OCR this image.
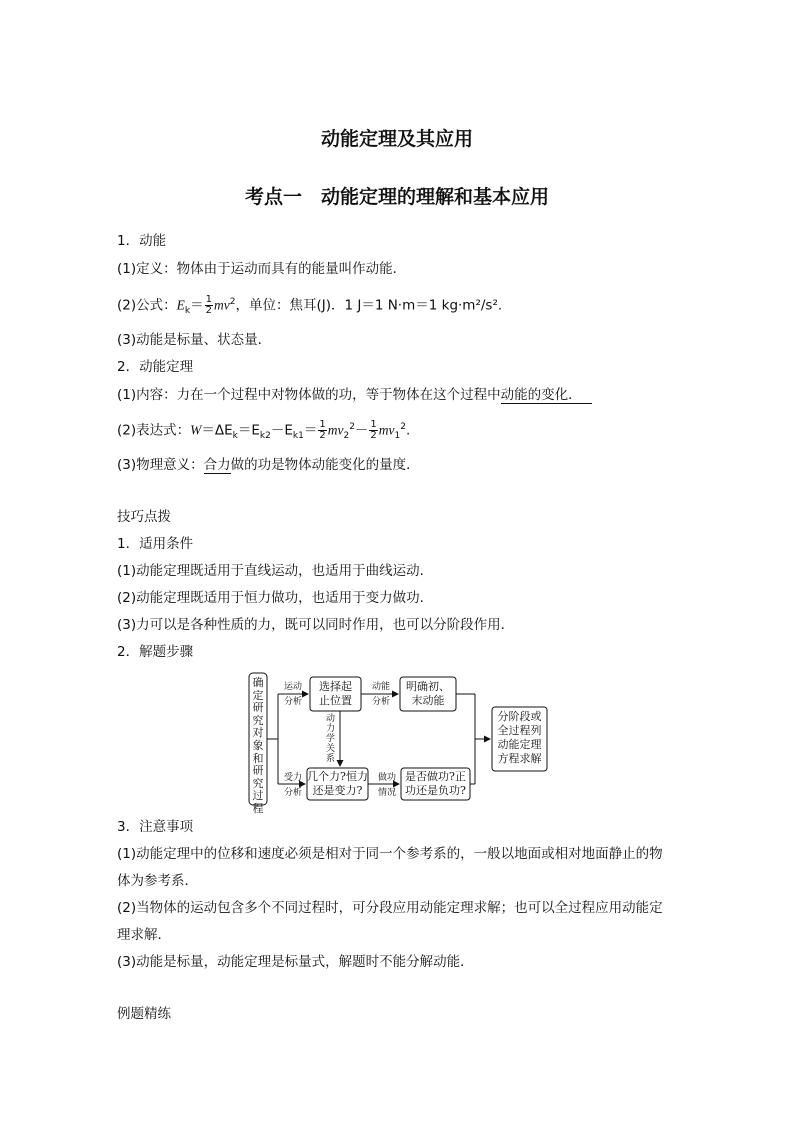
动能定理及其应用
考点一　动能定理的理解和基本应用
1．动能
(1)定义：物体由于运动而具有的能量叫作动能．
(2)公式：$E_k= \frac{1}{2} mv^2$，单位：焦耳(J)．1 J＝1 N·m＝1 kg·m²/s².
(3)动能是标量、状态量．
2．动能定理
(1)内容：力在一个过程中对物体做的功，等于物体在这个过程中动能的变化．
(2)表达式：$W=\Delta E_k=E_{k2}-E_{k1}= \frac{1}{2} mv_2^2- \frac{1}{2} mv_1^2$.
(3)物理意义：合力做的功是物体动能变化的量度．
技巧点拨
1．适用条件
(1)动能定理既适用于直线运动，也适用于曲线运动．
(2)动能定理既适用于恒力做功，也适用于变力做功．
(3)力可以是各种性质的力，既可以同时作用，也可以分阶段作用．
2．解题步骤
确定研究对象和研究过程
运动
分析
选择起
止位置
动能
分析
明确初、
末动能
动力学关系
受力
分析
几个力?恒力
还是变力?
做功
情况
是否做功?正
功还是负功?
分阶段或
全过程列
动能定理
方程求解
3．注意事项
(1)动能定理中的位移和速度必须是相对于同一个参考系的，一般以地面或相对地面静止的物
体为参考系．
(2)当物体的运动包含多个不同过程时，可分段应用动能定理求解；也可以全过程应用动能定
理求解．
(3)动能是标量，动能定理是标量式，解题时不能分解动能．
例题精练
